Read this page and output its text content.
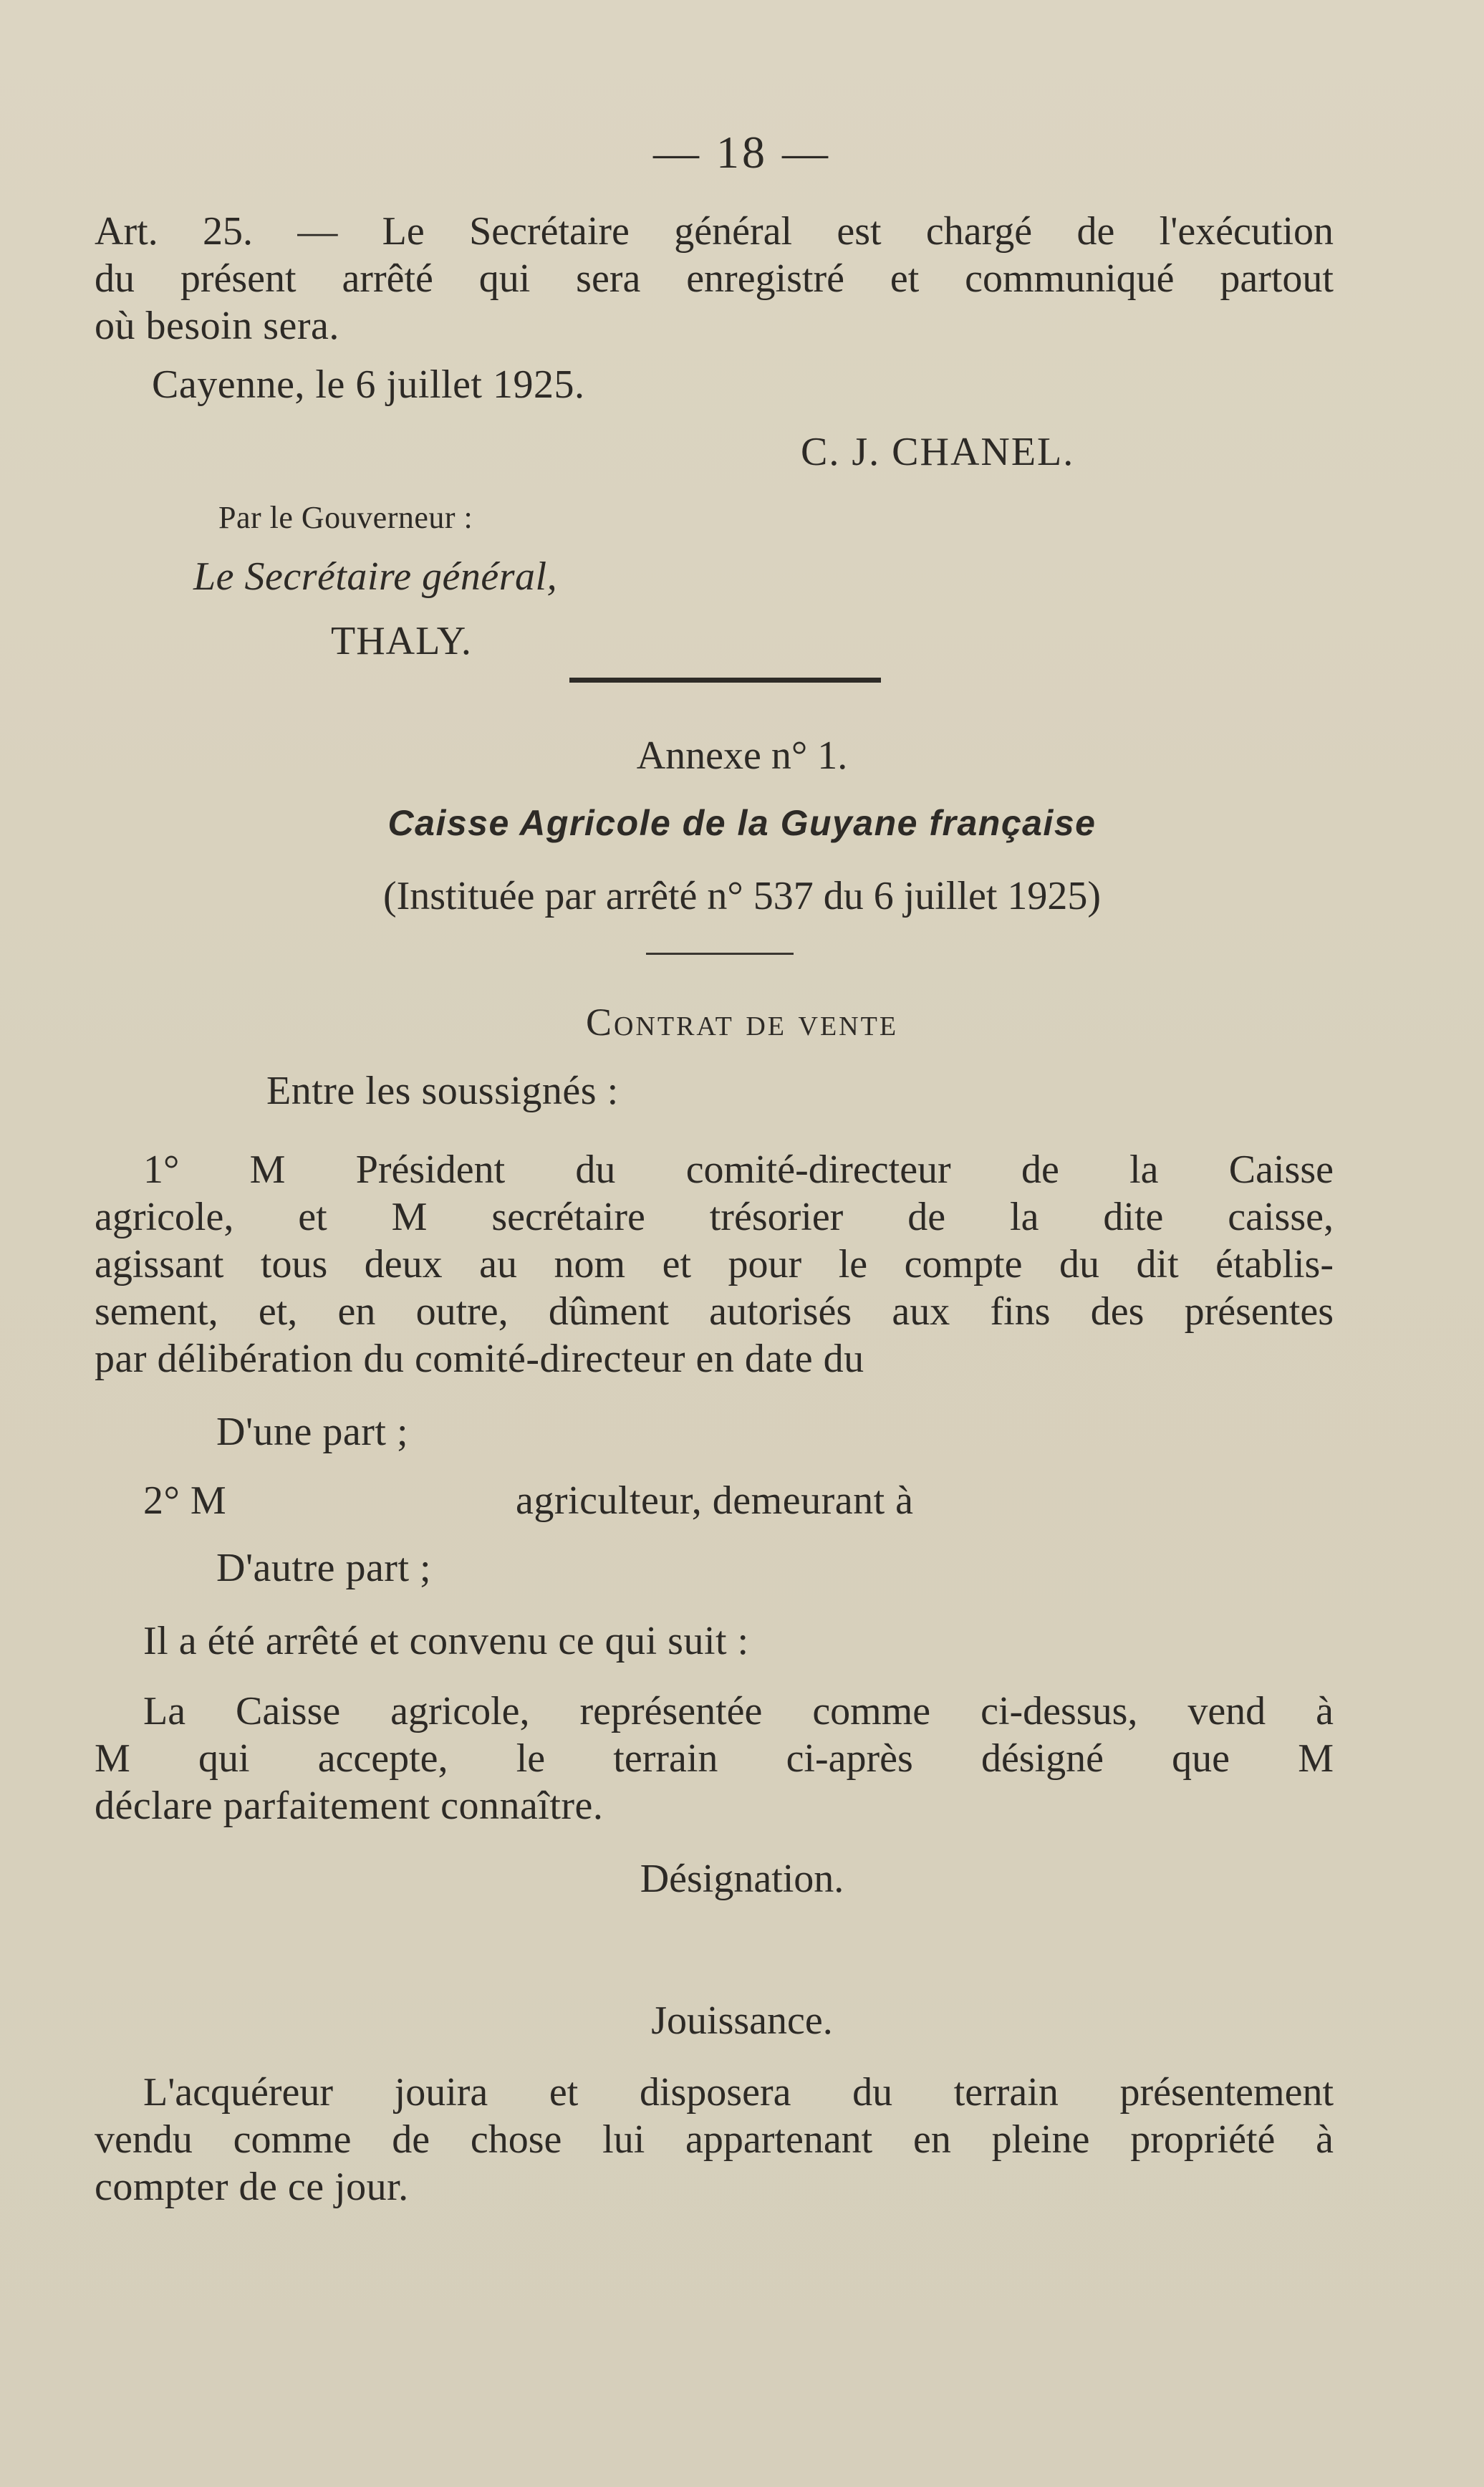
— 18 —
Art. 25. — Le Secrétaire général est chargé de l'exécution
du présent arrêté qui sera enregistré et communiqué partout
où besoin sera.
Cayenne, le 6 juillet 1925.
C. J. CHANEL.
Par le Gouverneur :
Le Secrétaire général,
THALY.
Annexe n° 1.
Caisse Agricole de la Guyane française
(Instituée par arrêté n° 537 du 6 juillet 1925)
Contrat de vente
Entre les soussignés :
1° M Président du comité-directeur de la Caisse
agricole, et M secrétaire trésorier de la dite caisse,
agissant tous deux au nom et pour le compte du dit établis-
sement, et, en outre, dûment autorisés aux fins des présentes
par délibération du comité-directeur en date du
D'une part ;
2° M	agriculteur, demeurant à
D'autre part ;
Il a été arrêté et convenu ce qui suit :
La Caisse agricole, représentée comme ci-dessus, vend à
M qui accepte, le terrain ci-après désigné que M
déclare parfaitement connaître.
Désignation.
Jouissance.
L'acquéreur jouira et disposera du terrain présentement
vendu comme de chose lui appartenant en pleine propriété à
compter de ce jour.
